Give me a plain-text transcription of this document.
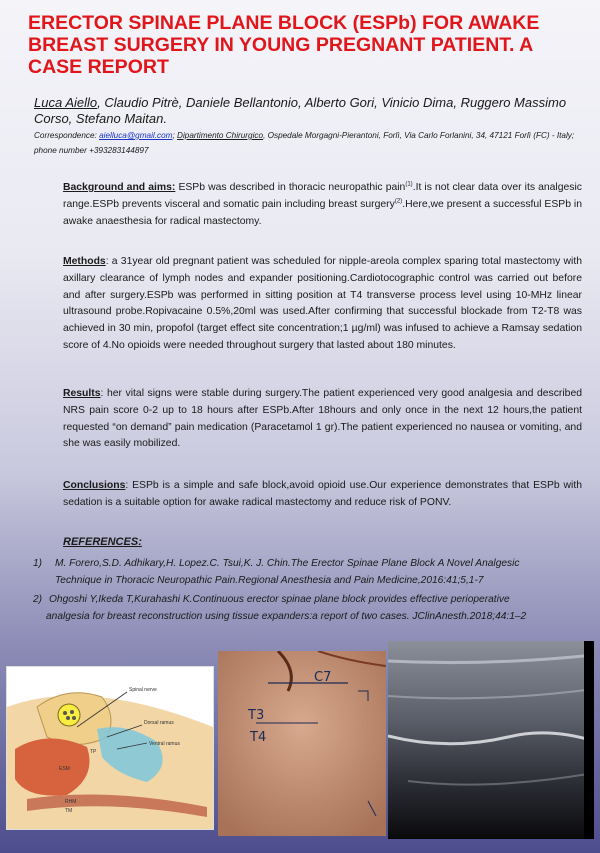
ERECTOR SPINAE PLANE BLOCK (ESPb) FOR AWAKE BREAST SURGERY IN YOUNG PREGNANT PATIENT. A CASE REPORT
Luca Aiello, Claudio Pitrè, Daniele Bellantonio, Alberto Gori, Vinicio Dima, Ruggero Massimo Corso, Stefano Maitan.
Correspondence: aielluca@gmail.com; Dipartimento Chirurgico, Ospedale Morgagni-Pierantoni, Forlì, Via Carlo Forlanini, 34, 47121 Forlì (FC) - Italy; phone number +393283144897

Background and aims: ESPb was described in thoracic neuropathic pain$^{(1)}$.It is not clear data over its analgesic range.ESPb prevents visceral and somatic pain including breast surgery$^{(2)}$.Here,we present a successful ESPb in awake anaesthesia for radical mastectomy.

Methods: a 31year old pregnant patient was scheduled for nipple-areola complex sparing total mastectomy with axillary clearance of lymph nodes and expander positioning.Cardiotocographic control was carried out before and after surgery.ESPb was performed in sitting position at T4 transverse process level using 10-MHz linear ultrasound probe.Ropivacaine 0.5%,20ml was used.After confirming that successful blockade from T2-T8 was achieved in 30 min, propofol (target effect site concentration;1 µg/ml) was infused to achieve a Ramsay sedation score of 4.No opioids were needed throughout surgery that lasted about 180 minutes.

Results: her vital signs were stable during surgery.The patient experienced very good analgesia and described NRS pain score 0-2 up to 18 hours after ESPb.After 18hours and only once in the next 12 hours,the patient requested “on demand” pain medication (Paracetamol 1 gr).The patient experienced no nausea or vomiting, and she was easily mobilized.

Conclusions: ESPb is a simple and safe block,avoid opioid use.Our experience demonstrates that ESPb with sedation is a suitable option for awake radical mastectomy and reduce risk of PONV.

REFERENCES:
1) M. Forero,S.D. Adhikary,H. Lopez.C. Tsui,K. J. Chin.The Erector Spinae Plane Block A Novel Analgesic
Technique in Thoracic Neuropathic Pain.Regional Anesthesia and Pain Medicine,2016:41;5,1-7
2) Ohgoshi Y,Ikeda T,Kurahashi K.Continuous erector spinae plane block provides effective perioperative
analgesia for breast reconstruction using tissue expanders:a report of two cases. JClinAnesth.2018;44:1–2
Spinal nerve
Dorsal ramus
Ventral ramus
ESM
TP
RHM
TM
C7
T3
T4
